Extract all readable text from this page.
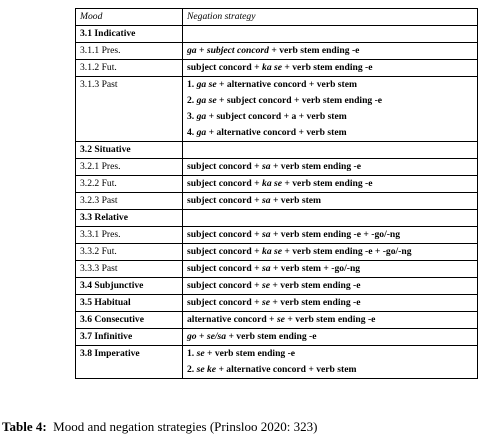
Mood	Negation strategy
3.1 Indicative	
3.1.1 Pres.	ga + subject concord + verb stem ending -e
3.1.2 Fut.	subject concord + ka se + verb stem ending -e
3.1.3 Past	1. ga se + alternative concord + verb stem
2. ga se + subject concord + verb stem ending -e
3. ga + subject concord + a + verb stem
4. ga + alternative concord + verb stem

3.2 Situative	
3.2.1 Pres.	subject concord + sa + verb stem ending -e
3.2.2 Fut.	subject concord + ka se + verb stem ending -e
3.2.3 Past	subject concord + sa + verb stem
3.3 Relative	
3.3.1 Pres.	subject concord + sa + verb stem ending -e + -go/-ng
3.3.2 Fut.	subject concord + ka se + verb stem ending -e + -go/-ng
3.3.3 Past	subject concord + sa + verb stem + -go/-ng
3.4 Subjunctive	subject concord + se + verb stem ending -e
3.5 Habitual	subject concord + se + verb stem ending -e
3.6 Consecutive	alternative concord + se + verb stem ending -e
3.7 Infinitive	go + se/sa + verb stem ending -e
3.8 Imperative	1. se + verb stem ending -e
2. se ke + alternative concord + verb stem
Table 4: Mood and negation strategies (Prinsloo 2020: 323)
